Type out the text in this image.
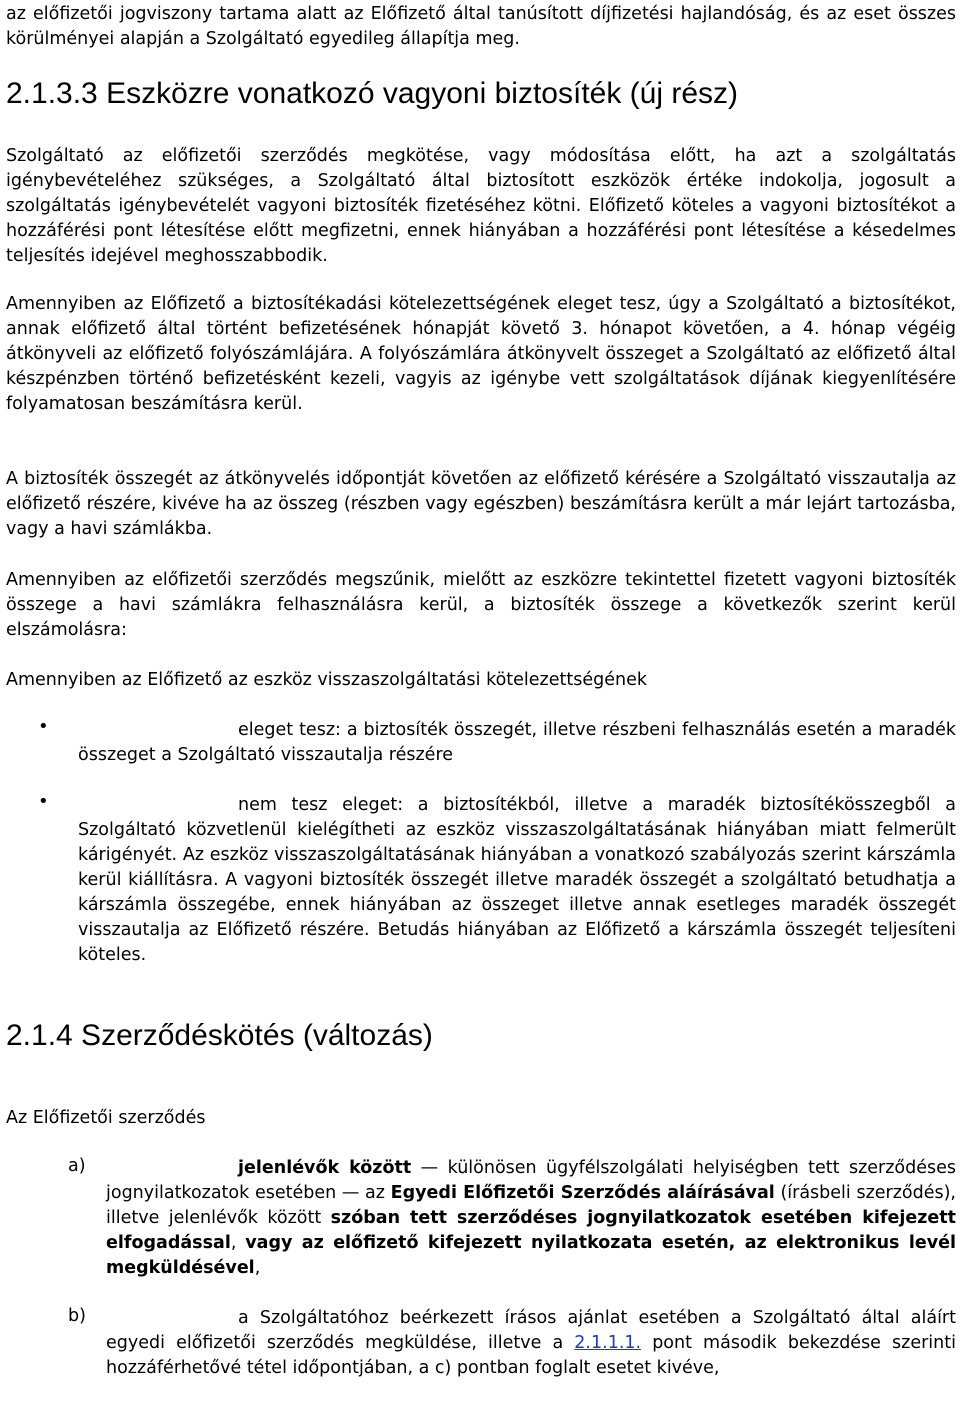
az előfizetői jogviszony tartama alatt az Előfizető által tanúsított díjfizetési hajlandóság, és az eset összes körülményei alapján a Szolgáltató egyedileg állapítja meg.

2.1.3.3 Eszközre vonatkozó vagyoni biztosíték (új rész)

Szolgáltató az előfizetői szerződés megkötése, vagy módosítása előtt, ha azt a szolgáltatás igénybevételéhez szükséges, a Szolgáltató által biztosított eszközök értéke indokolja, jogosult a szolgáltatás igénybevételét vagyoni biztosíték fizetéséhez kötni. Előfizető köteles a vagyoni biztosítékot a hozzáférési pont létesítése előtt megfizetni, ennek hiányában a hozzáférési pont létesítése a késedelmes teljesítés idejével meghosszabbodik.

Amennyiben az Előfizető a biztosítékadási kötelezettségének eleget tesz, úgy a Szolgáltató a biztosítékot, annak előfizető által történt befizetésének hónapját követő 3. hónapot követően, a 4. hónap végéig átkönyveli az előfizető folyószámlájára. A folyószámlára átkönyvelt összeget a Szolgáltató az előfizető által készpénzben történő befizetésként kezeli, vagyis az igénybe vett szolgáltatások díjának kiegyenlítésére folyamatosan beszámításra kerül.

A biztosíték összegét az átkönyvelés időpontját követően az előfizető kérésére a Szolgáltató visszautalja az előfizető részére, kivéve ha az összeg (részben vagy egészben) beszámításra került a már lejárt tartozásba, vagy a havi számlákba.

Amennyiben az előfizetői szerződés megszűnik, mielőtt az eszközre tekintettel fizetett vagyoni biztosíték összege a havi számlákra felhasználásra kerül, a biztosíték összege a következők szerint kerül elszámolásra:

Amennyiben az Előfizető az eszköz visszaszolgáltatási kötelezettségének

•	eleget tesz: a biztosíték összegét, illetve részbeni felhasználás esetén a maradék összeget a Szolgáltató visszautalja részére

•	nem tesz eleget: a biztosítékból, illetve a maradék biztosítékösszegből a Szolgáltató közvetlenül kielégítheti az eszköz visszaszolgáltatásának hiányában miatt felmerült kárigényét. Az eszköz visszaszolgáltatásának hiányában a vonatkozó szabályozás szerint kárszámla kerül kiállításra. A vagyoni biztosíték összegét illetve maradék összegét a szolgáltató betudhatja a kárszámla összegébe, ennek hiányában az összeget illetve annak esetleges maradék összegét visszautalja az Előfizető részére. Betudás hiányában az Előfizető a kárszámla összegét teljesíteni köteles.

2.1.4 Szerződéskötés (változás)

Az Előfizetői szerződés

a)	jelenlévők között — különösen ügyfélszolgálati helyiségben tett szerződéses jognyilatkozatok esetében — az Egyedi Előfizetői Szerződés aláírásával (írásbeli szerződés), illetve jelenlévők között szóban tett szerződéses jognyilatkozatok esetében kifejezett elfogadással, vagy az előfizető kifejezett nyilatkozata esetén, az elektronikus levél megküldésével,

b)	a Szolgáltatóhoz beérkezett írásos ajánlat esetében a Szolgáltató által aláírt egyedi előfizetői szerződés megküldése, illetve a 2.1.1.1. pont második bekezdése szerinti hozzáférhetővé tétel időpontjában, a c) pontban foglalt esetet kivéve,
